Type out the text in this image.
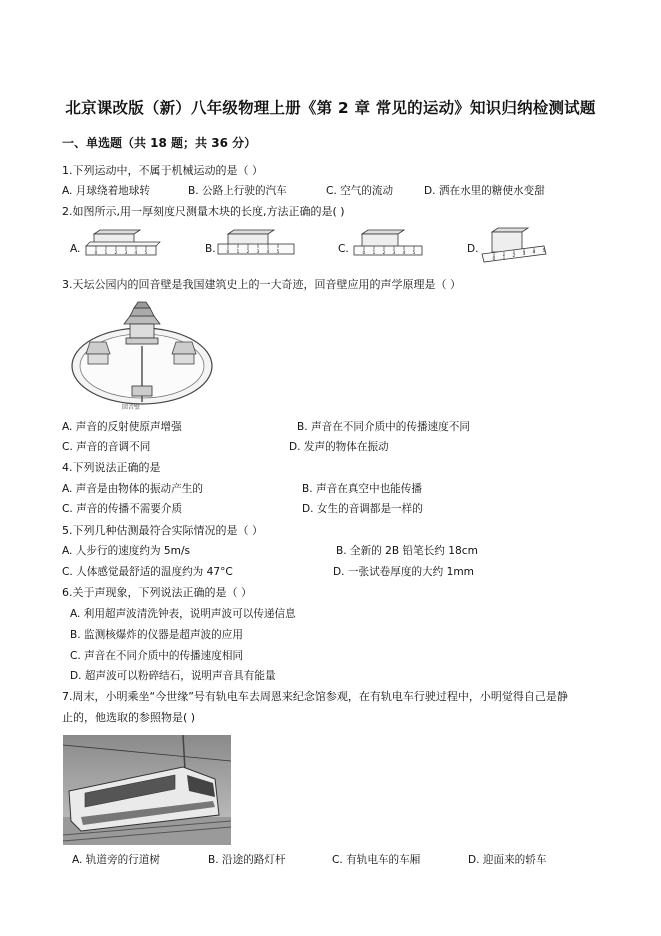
北京课改版（新）八年级物理上册《第 2 章 常见的运动》知识归纳检测试题
一、单选题（共 18 题；共 36 分）
1.下列运动中，不属于机械运动的是（ ）
A. 月球绕着地球转	B. 公路上行驶的汽车	C. 空气的流动	D. 洒在水里的糖使水变甜
2.如图所示,用一厚刻度尺测量木块的长度,方法正确的是( )
A.	B.	C.	D.
0 1 2 3 4 5	0 1 2 3 4 5	0 1 2 3 4 5
0 1 2 3 4 5
3.天坛公园内的回音壁是我国建筑史上的一大奇迹，回音壁应用的声学原理是（ ）
回音壁
A. 声音的反射使原声增强	B. 声音在不同介质中的传播速度不同
C. 声音的音调不同	D. 发声的物体在振动
4.下列说法正确的是
A. 声音是由物体的振动产生的	B. 声音在真空中也能传播
C. 声音的传播不需要介质	D. 女生的音调都是一样的
5.下列几种估测最符合实际情况的是（ ）
A. 人步行的速度约为 5m/s	B. 全新的 2B 铅笔长约 18cm
C. 人体感觉最舒适的温度约为 47°C	D. 一张试卷厚度的大约 1mm
6.关于声现象，下列说法正确的是（ ）
A. 利用超声波清洗钟表，说明声波可以传递信息
B. 监测核爆炸的仪器是超声波的应用
C. 声音在不同介质中的传播速度相同
D. 超声波可以粉碎结石，说明声音具有能量
7.周末，小明乘坐“今世缘”号有轨电车去周恩来纪念馆参观，在有轨电车行驶过程中，小明觉得自己是静
止的，他选取的参照物是( )
A. 轨道旁的行道树	B. 沿途的路灯杆	C. 有轨电车的车厢	D. 迎面来的轿车
